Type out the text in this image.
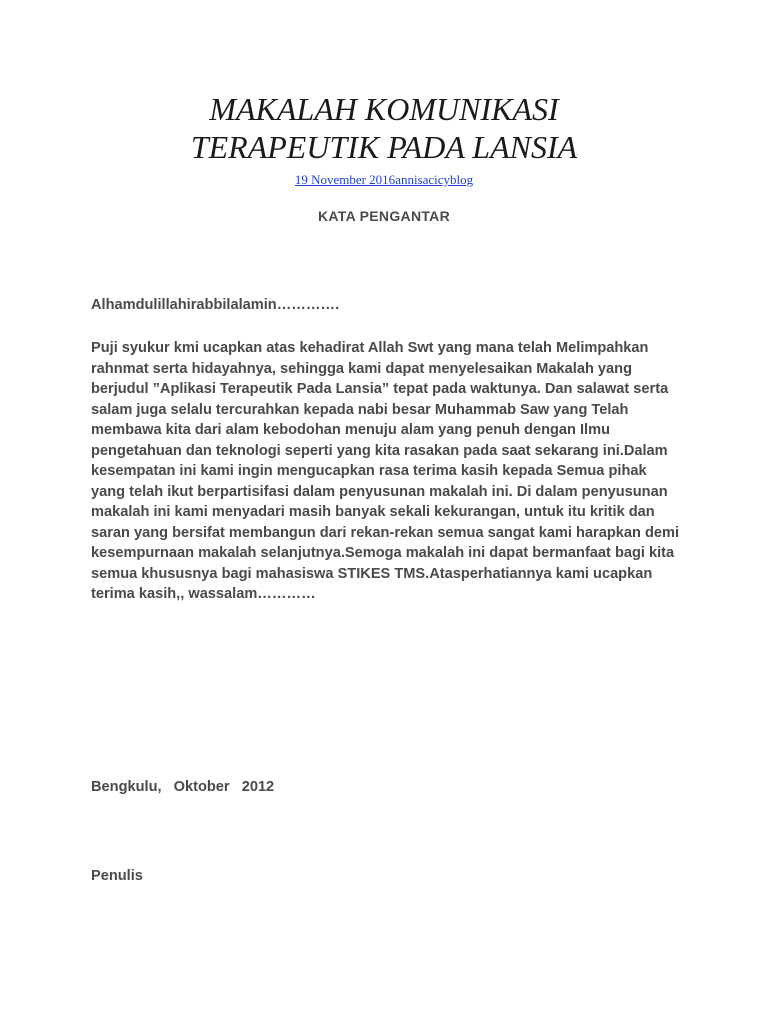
MAKALAH KOMUNIKASI
TERAPEUTIK PADA LANSIA
19 November 2016annisacicyblog
KATA PENGANTAR

Alhamdulillahirabbilalamin………….

Puji syukur kmi ucapkan atas kehadirat Allah Swt yang mana telah Melimpahkan rahnmat serta hidayahnya, sehingga kami dapat menyelesaikan Makalah yang berjudul ”Aplikasi Terapeutik Pada Lansia” tepat pada waktunya. Dan salawat serta salam juga selalu tercurahkan kepada nabi besar Muhammab Saw yang Telah membawa kita dari alam kebodohan menuju alam yang penuh dengan Ilmu pengetahuan dan teknologi seperti yang kita rasakan pada saat sekarang ini.Dalam kesempatan ini kami ingin mengucapkan rasa terima kasih kepada Semua pihak yang telah ikut berpartisifasi dalam penyusunan makalah ini. Di dalam penyusunan makalah ini kami menyadari masih banyak sekali kekurangan, untuk itu kritik dan saran yang bersifat membangun dari rekan-rekan semua sangat kami harapkan demi kesempurnaan makalah selanjutnya.Semoga makalah ini dapat bermanfaat bagi kita semua khususnya bagi mahasiswa STIKES TMS.Atasperhatiannya kami ucapkan terima kasih,, wassalam…………

Bengkulu,  Oktober  2012

Penulis
